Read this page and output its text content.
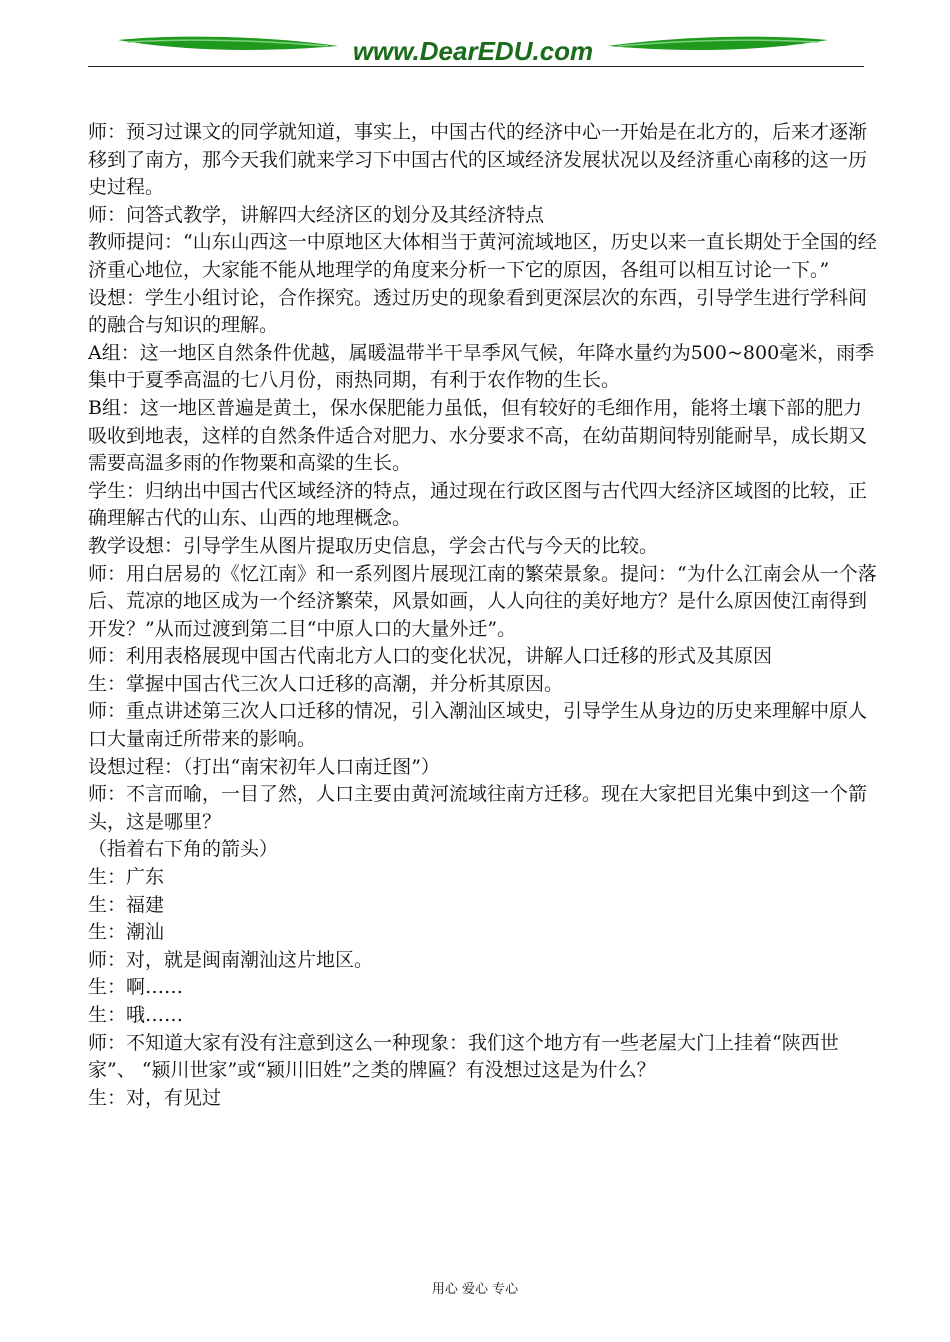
www.DearEDU.com

师：预习过课文的同学就知道，事实上，中国古代的经济中心一开始是在北方的，后来才逐渐移到了南方，那今天我们就来学习下中国古代的区域经济发展状况以及经济重心南移的这一历史过程。

师：问答式教学，讲解四大经济区的划分及其经济特点

教师提问：“山东山西这一中原地区大体相当于黄河流域地区，历史以来一直长期处于全国的经济重心地位，大家能不能从地理学的角度来分析一下它的原因，各组可以相互讨论一下。”

设想：学生小组讨论，合作探究。透过历史的现象看到更深层次的东西，引导学生进行学科间的融合与知识的理解。

A组：这一地区自然条件优越，属暖温带半干旱季风气候，年降水量约为500~800毫米，雨季集中于夏季高温的七八月份，雨热同期，有利于农作物的生长。

B组：这一地区普遍是黄土，保水保肥能力虽低，但有较好的毛细作用，能将土壤下部的肥力吸收到地表，这样的自然条件适合对肥力、水分要求不高，在幼苗期间特别能耐旱，成长期又需要高温多雨的作物粟和高粱的生长。

学生：归纳出中国古代区域经济的特点，通过现在行政区图与古代四大经济区域图的比较，正确理解古代的山东、山西的地理概念。

教学设想：引导学生从图片提取历史信息，学会古代与今天的比较。

师：用白居易的《忆江南》和一系列图片展现江南的繁荣景象。提问：“为什么江南会从一个落后、荒凉的地区成为一个经济繁荣，风景如画，人人向往的美好地方？是什么原因使江南得到开发？”从而过渡到第二目“中原人口的大量外迁”。

师：利用表格展现中国古代南北方人口的变化状况，讲解人口迁移的形式及其原因

生：掌握中国古代三次人口迁移的高潮，并分析其原因。

师：重点讲述第三次人口迁移的情况，引入潮汕区域史，引导学生从身边的历史来理解中原人口大量南迁所带来的影响。

设想过程：（打出“南宋初年人口南迁图”）

师：不言而喻，一目了然，人口主要由黄河流域往南方迁移。现在大家把目光集中到这一个箭头，这是哪里？

（指着右下角的箭头）

生：广东

生：福建

生：潮汕

师：对，就是闽南潮汕这片地区。

生：啊……

生：哦……

师：不知道大家有没有注意到这么一种现象：我们这个地方有一些老屋大门上挂着“陕西世家”、 “颍川世家”或“颍川旧姓”之类的牌匾？有没想过这是为什么？

生：对，有见过

用心 爱心 专心
